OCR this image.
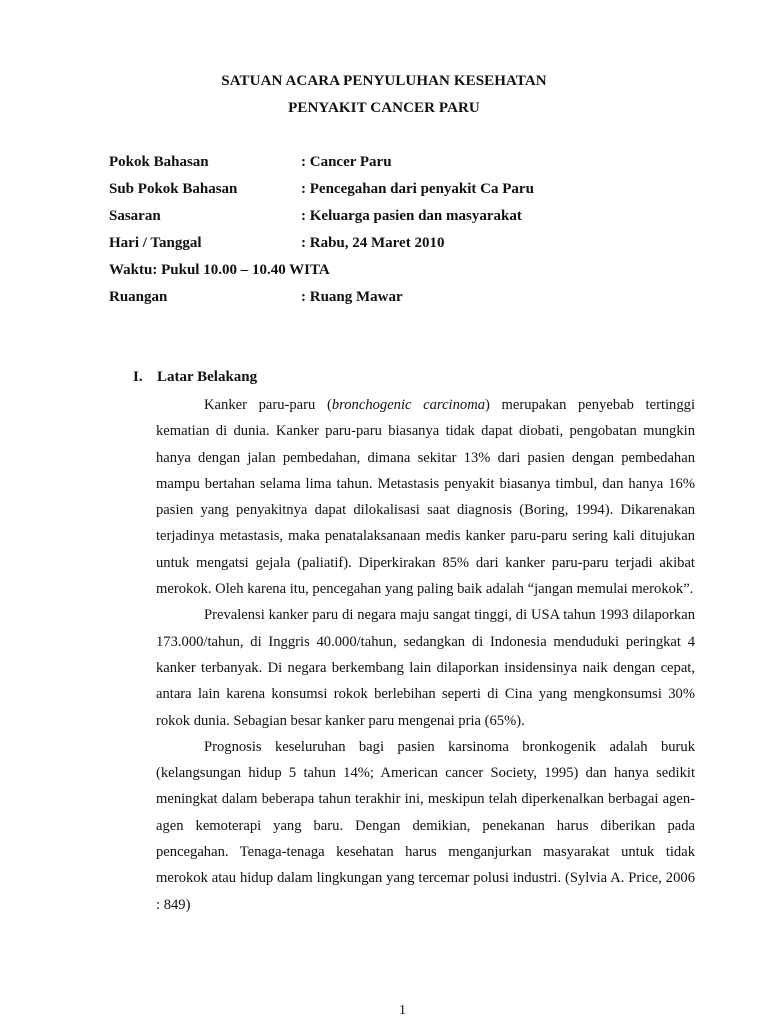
SATUAN ACARA PENYULUHAN KESEHATAN
PENYAKIT CANCER PARU
Pokok Bahasan	: Cancer Paru
Sub Pokok Bahasan	: Pencegahan dari penyakit Ca Paru
Sasaran	: Keluarga pasien dan masyarakat
Hari / Tanggal	: Rabu, 24 Maret 2010
Waktu: Pukul 10.00 – 10.40 WITA
Ruangan	: Ruang Mawar
I. Latar Belakang

Kanker paru-paru (bronchogenic carcinoma) merupakan penyebab tertinggi kematian di dunia. Kanker paru-paru biasanya tidak dapat diobati, pengobatan mungkin hanya dengan jalan pembedahan, dimana sekitar 13% dari pasien dengan pembedahan mampu bertahan selama lima tahun. Metastasis penyakit biasanya timbul, dan hanya 16% pasien yang penyakitnya dapat dilokalisasi saat diagnosis (Boring, 1994). Dikarenakan terjadinya metastasis, maka penatalaksanaan medis kanker paru-paru sering kali ditujukan untuk mengatsi gejala (paliatif). Diperkirakan 85% dari kanker paru-paru terjadi akibat merokok. Oleh karena itu, pencegahan yang paling baik adalah “jangan memulai merokok”.

Prevalensi kanker paru di negara maju sangat tinggi, di USA tahun 1993 dilaporkan 173.000/tahun, di Inggris 40.000/tahun, sedangkan di Indonesia menduduki peringkat 4 kanker terbanyak. Di negara berkembang lain dilaporkan insidensinya naik dengan cepat, antara lain karena konsumsi rokok berlebihan seperti di Cina yang mengkonsumsi 30% rokok dunia. Sebagian besar kanker paru mengenai pria (65%).

Prognosis keseluruhan bagi pasien karsinoma bronkogenik adalah buruk (kelangsungan hidup 5 tahun 14%; American cancer Society, 1995) dan hanya sedikit meningkat dalam beberapa tahun terakhir ini, meskipun telah diperkenalkan berbagai agen-agen kemoterapi yang baru. Dengan demikian, penekanan harus diberikan pada pencegahan. Tenaga-tenaga kesehatan harus menganjurkan masyarakat untuk tidak merokok atau hidup dalam lingkungan yang tercemar polusi industri. (Sylvia A. Price, 2006 : 849)

1
